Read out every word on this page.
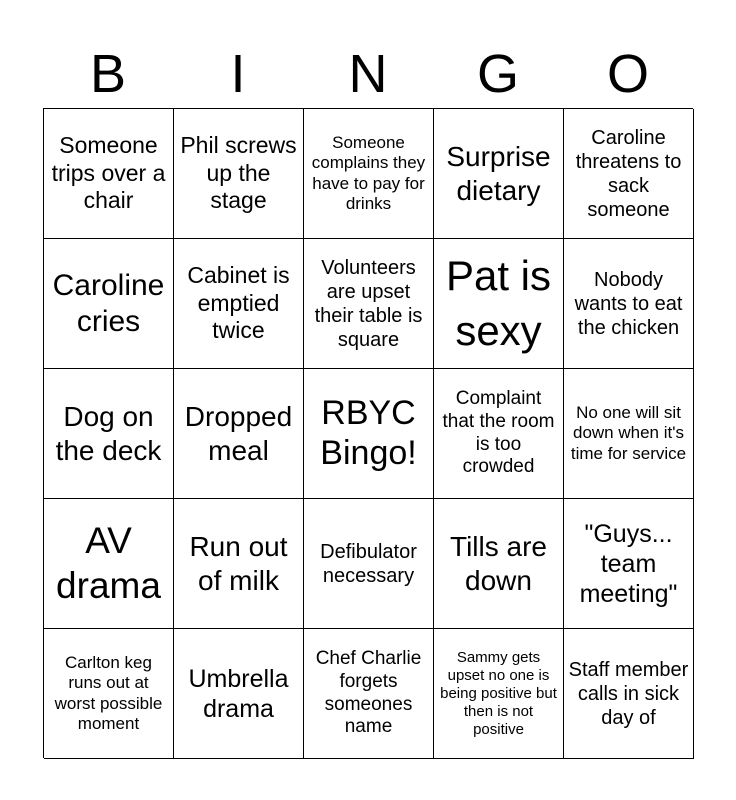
B	I	N	G	O
Someone trips over a chair
Phil screws up the stage
Someone complains they have to pay for drinks
Surprise dietary
Caroline threatens to sack someone
Caroline cries
Cabinet is emptied twice
Volunteers are upset their table is square
Pat is sexy
Nobody wants to eat the chicken
Dog on the deck
Dropped meal
RBYC Bingo!
Complaint that the room is too crowded
No one will sit down when it's time for service
AV drama
Run out of milk
Defibulator necessary
Tills are down
"Guys... team meeting"
Carlton keg runs out at worst possible moment
Umbrella drama
Chef Charlie forgets someones name
Sammy gets upset no one is being positive but then is not positive
Staff member calls in sick day of
